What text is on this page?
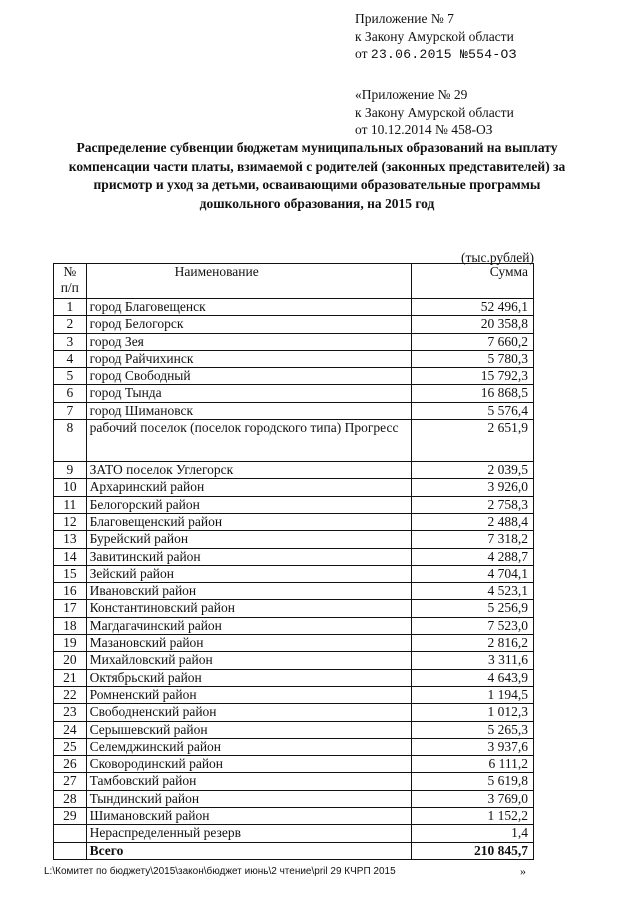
Приложение № 7
к Закону Амурской области
от 23.06.2015 №554-ОЗ
«Приложение № 29
к Закону Амурской области
от 10.12.2014 № 458-ОЗ
Распределение субвенции бюджетам муниципальных образований на выплату компенсации части платы, взимаемой с родителей (законных представителей) за присмотр и уход за детьми, осваивающими образовательные программы дошкольного образования, на 2015 год
(тыс.рублей)
№
п/п	Наименование	Сумма
1	город Благовещенск	52 496,1
2	город Белогорск	20 358,8
3	город Зея	7 660,2
4	город Райчихинск	5 780,3
5	город Свободный	15 792,3
6	город Тында	16 868,5
7	город Шимановск	5 576,4
8	рабочий поселок (поселок городского типа) Прогресс	2 651,9
9	ЗАТО поселок Углегорск	2 039,5
10	Архаринский район	3 926,0
11	Белогорский район	2 758,3
12	Благовещенский район	2 488,4
13	Бурейский район	7 318,2
14	Завитинский район	4 288,7
15	Зейский район	4 704,1
16	Ивановский район	4 523,1
17	Константиновский район	5 256,9
18	Магдагачинский район	7 523,0
19	Мазановский район	2 816,2
20	Михайловский район	3 311,6
21	Октябрьский район	4 643,9
22	Ромненский район	1 194,5
23	Свободненский район	1 012,3
24	Серышевский район	5 265,3
25	Селемджинский район	3 937,6
26	Сковородинский район	6 111,2
27	Тамбовский район	5 619,8
28	Тындинский район	3 769,0
29	Шимановский район	1 152,2
	Нераспределенный резерв	1,4
	Всего	210 845,7
L:\Комитет по бюджету\2015\закон\бюджет июнь\2 чтение\pril 29 КЧРП 2015	»
